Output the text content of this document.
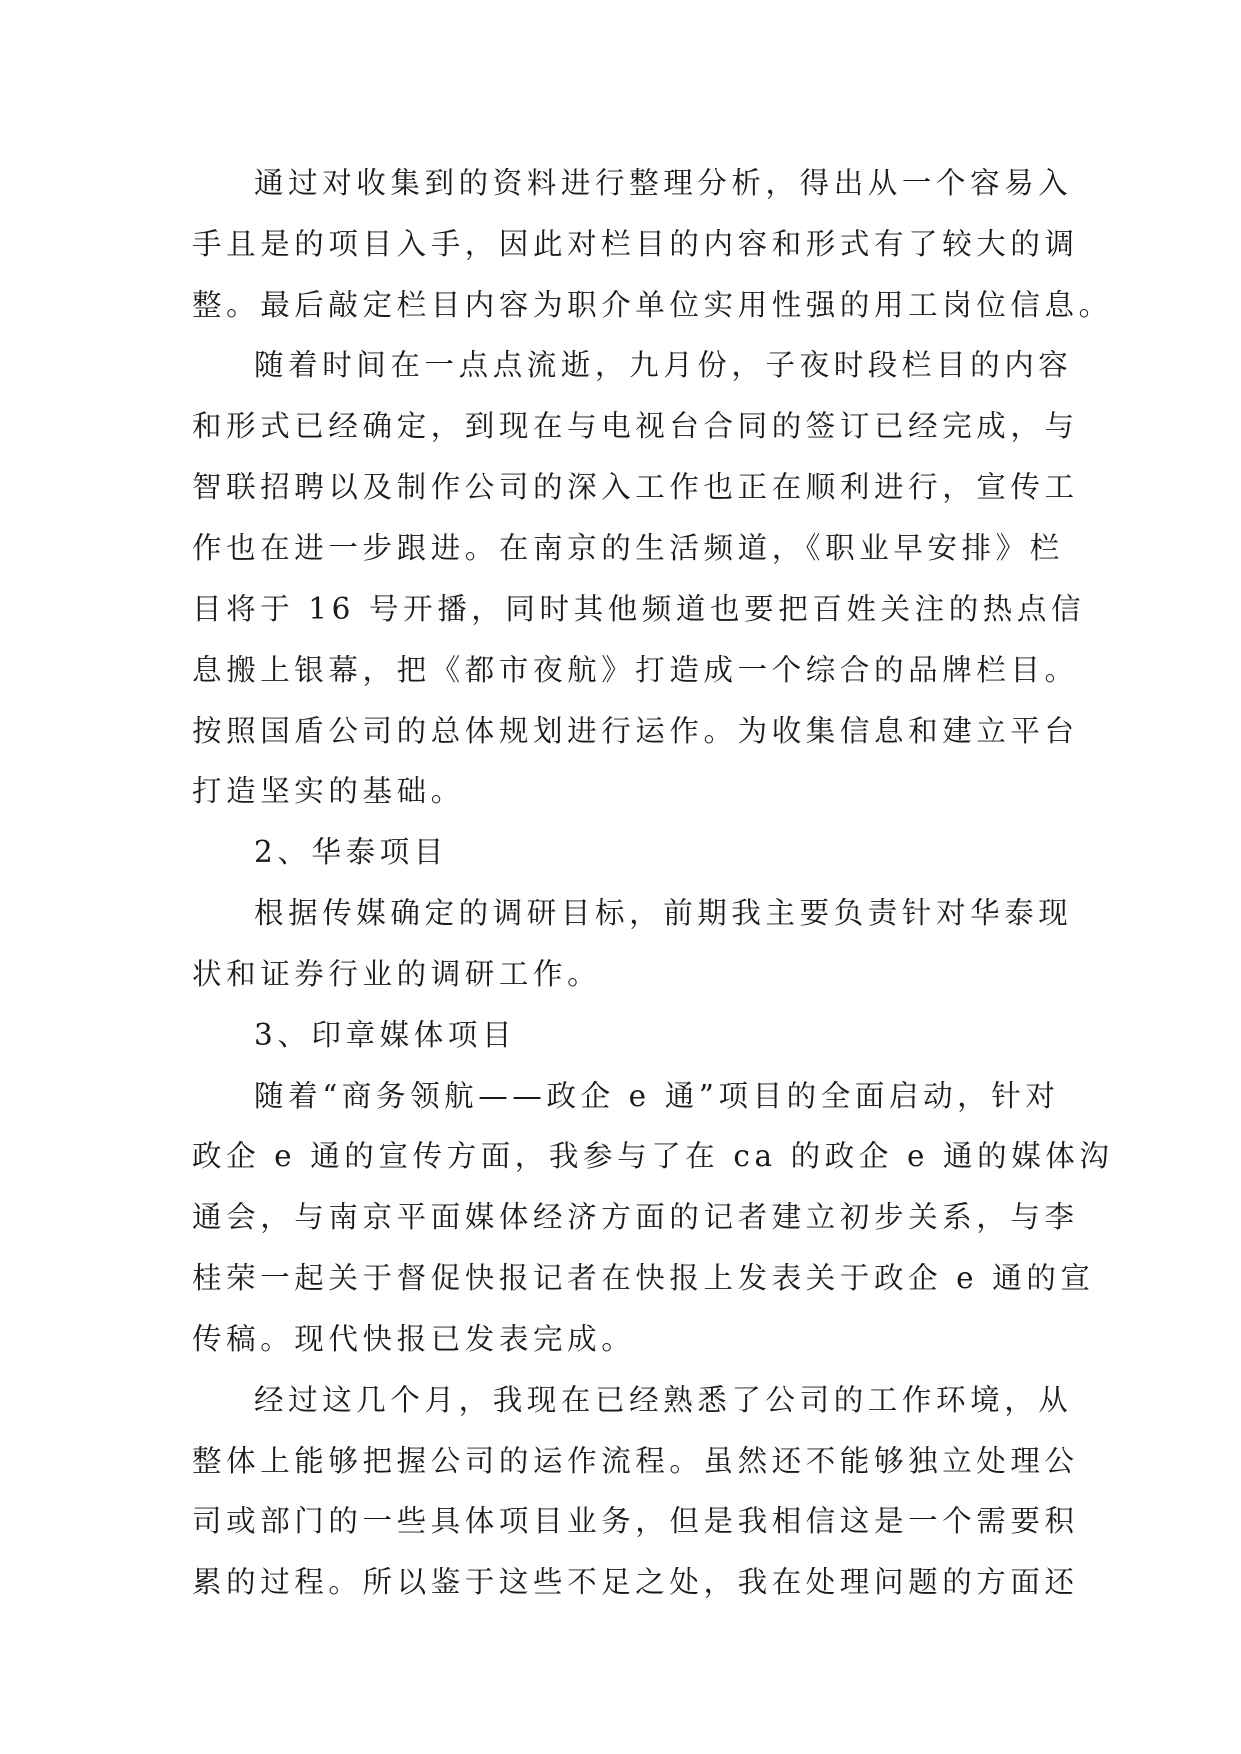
通过对收集到的资料进行整理分析，得出从一个容易入
手且是的项目入手，因此对栏目的内容和形式有了较大的调
整。最后敲定栏目内容为职介单位实用性强的用工岗位信息。
随着时间在一点点流逝，九月份，子夜时段栏目的内容
和形式已经确定，到现在与电视台合同的签订已经完成，与
智联招聘以及制作公司的深入工作也正在顺利进行，宣传工
作也在进一步跟进。在南京的生活频道，《职业早安排》栏
目将于 16 号开播，同时其他频道也要把百姓关注的热点信
息搬上银幕，把《都市夜航》打造成一个综合的品牌栏目。
按照国盾公司的总体规划进行运作。为收集信息和建立平台
打造坚实的基础。
2、华泰项目
根据传媒确定的调研目标，前期我主要负责针对华泰现
状和证券行业的调研工作。
3、印章媒体项目
随着“商务领航——政企 e 通”项目的全面启动，针对
政企 e 通的宣传方面，我参与了在 ca 的政企 e 通的媒体沟
通会，与南京平面媒体经济方面的记者建立初步关系，与李
桂荣一起关于督促快报记者在快报上发表关于政企 e 通的宣
传稿。现代快报已发表完成。
经过这几个月，我现在已经熟悉了公司的工作环境，从
整体上能够把握公司的运作流程。虽然还不能够独立处理公
司或部门的一些具体项目业务，但是我相信这是一个需要积
累的过程。所以鉴于这些不足之处，我在处理问题的方面还
